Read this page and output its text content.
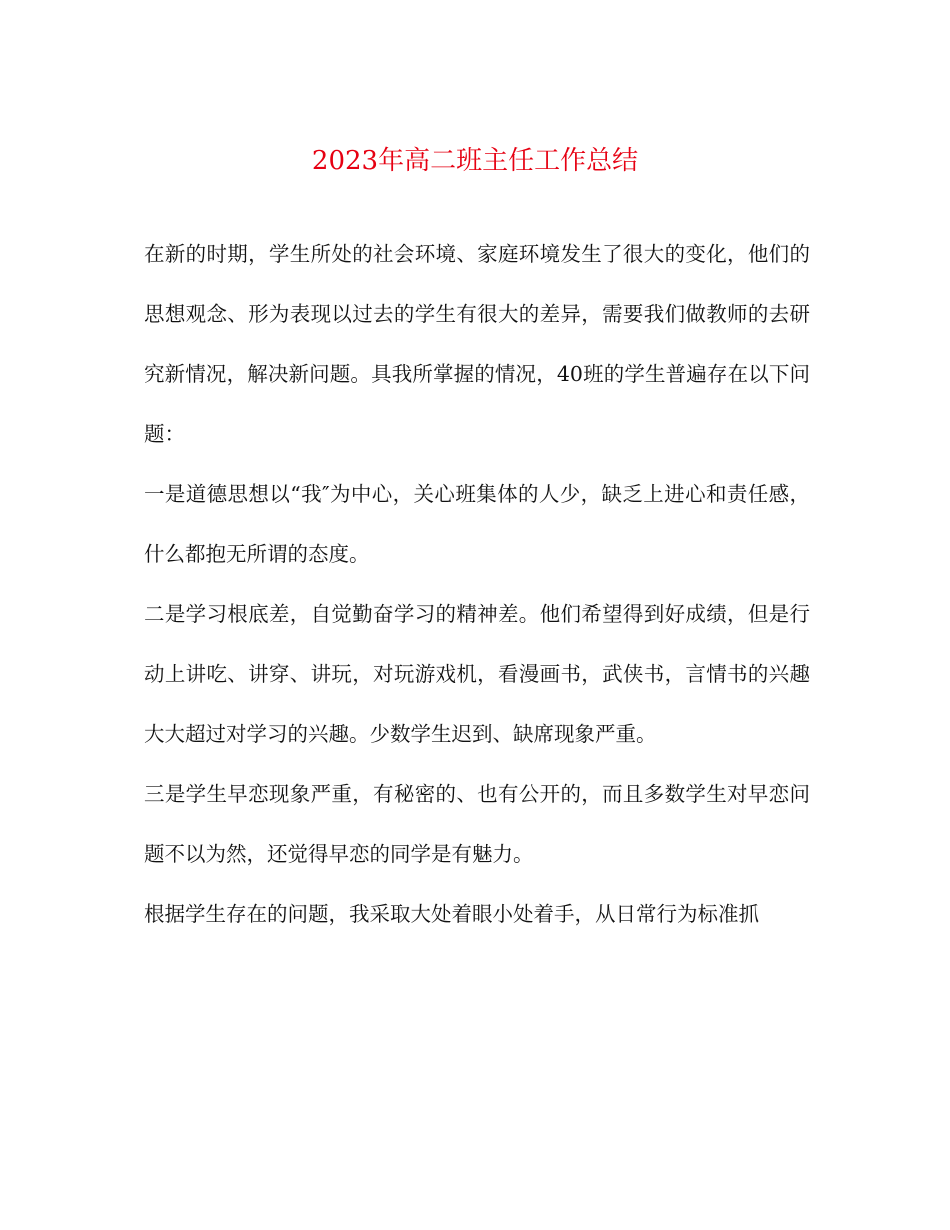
2023年高二班主任工作总结

在新的时期，学生所处的社会环境、家庭环境发生了很大的变化，他们的思想观念、形为表现以过去的学生有很大的差异，需要我们做教师的去研究新情况，解决新问题。具我所掌握的情况，40班的学生普遍存在以下问题：

一是道德思想以“我″为中心，关心班集体的人少，缺乏上进心和责任感，什么都抱无所谓的态度。

二是学习根底差，自觉勤奋学习的精神差。他们希望得到好成绩，但是行动上讲吃、讲穿、讲玩，对玩游戏机，看漫画书，武侠书，言情书的兴趣大大超过对学习的兴趣。少数学生迟到、缺席现象严重。

三是学生早恋现象严重，有秘密的、也有公开的，而且多数学生对早恋问题不以为然，还觉得早恋的同学是有魅力。

根据学生存在的问题，我采取大处着眼小处着手，从日常行为标准抓
